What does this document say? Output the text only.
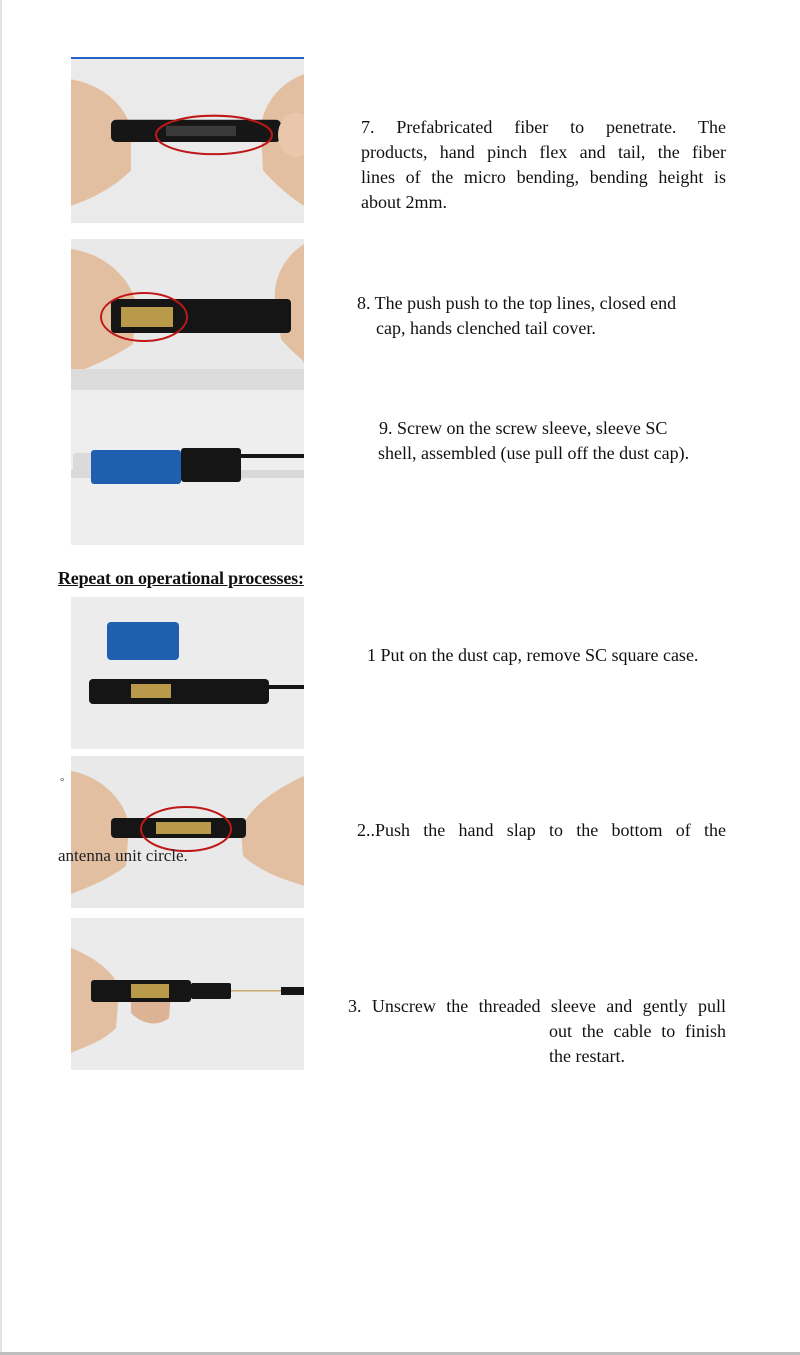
Repeat on operational processes:
7. Prefabricated fiber to penetrate. The
products, hand pinch flex and tail, the fiber
lines of the micro bending, bending height is
about 2mm.
8. The push push to the top lines, closed end
cap, hands clenched tail cover.
9. Screw on the screw sleeve, sleeve SC
shell, assembled (use pull off the dust cap).
1 Put on the dust cap, remove SC square case.
2..Push the hand slap to the bottom of the
3. Unscrew the threaded sleeve and gently pull
out the cable to finish
the restart.
°
antenna unit circle.
